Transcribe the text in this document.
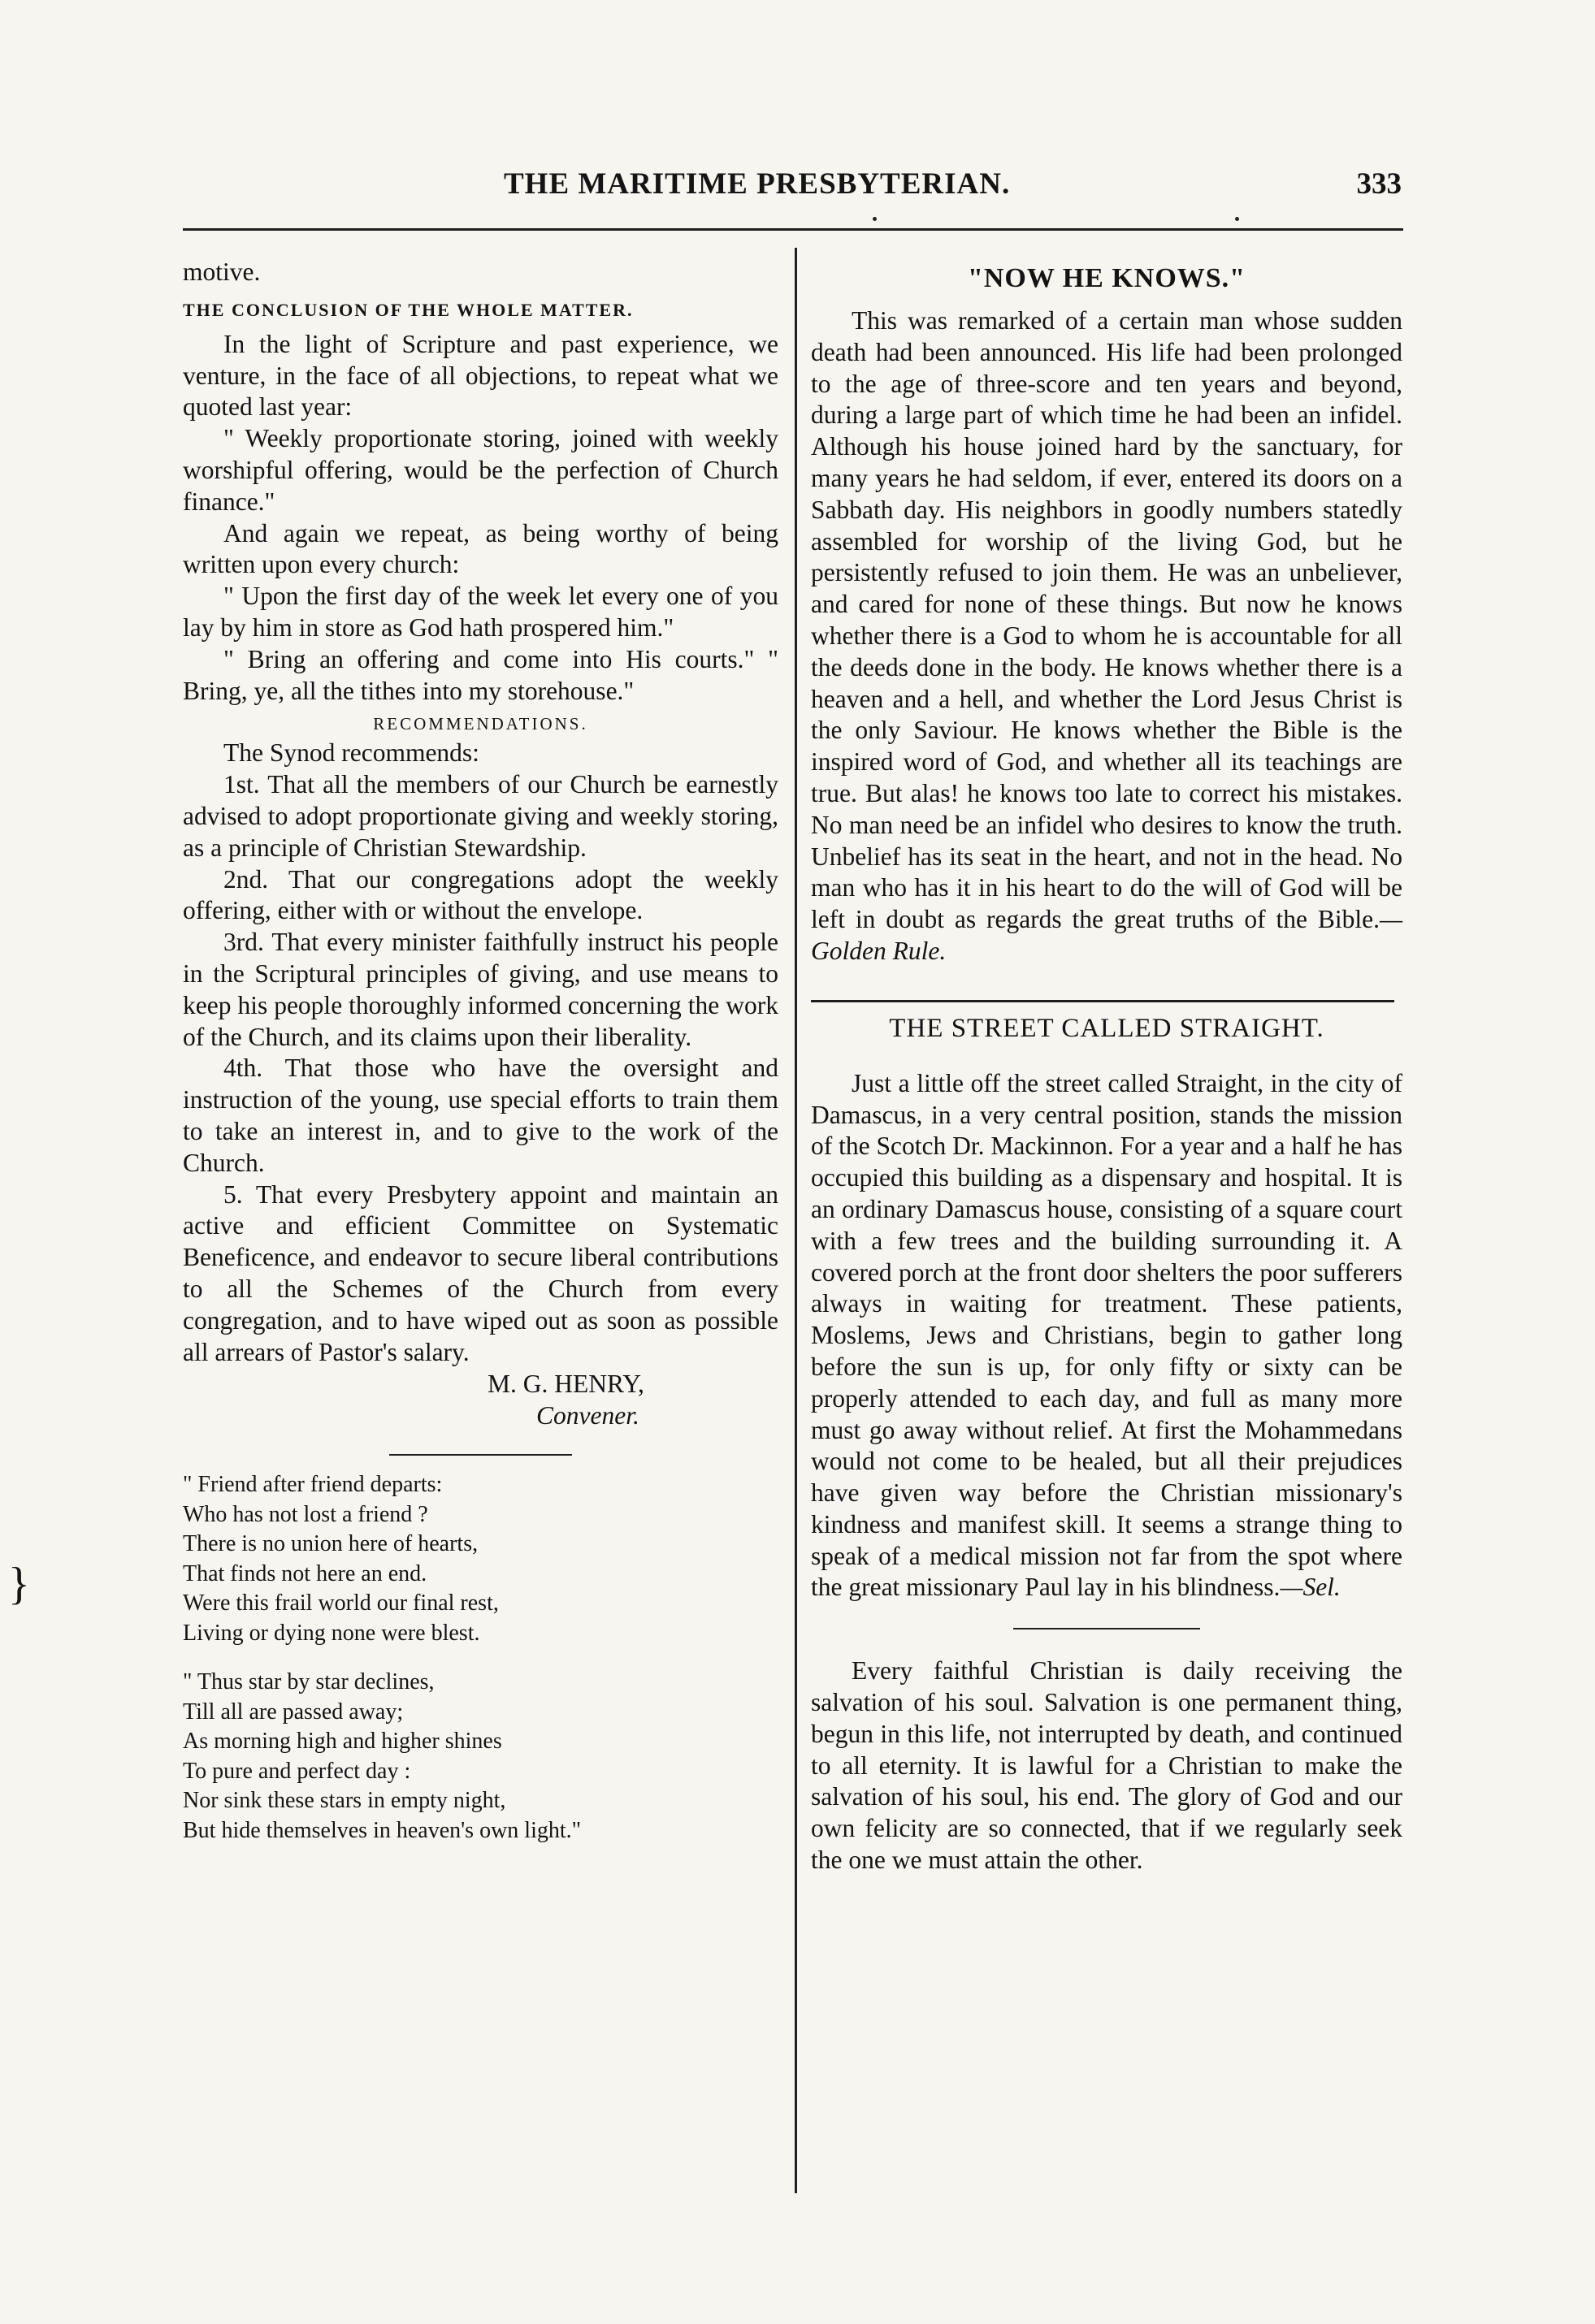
THE MARITIME PRESBYTERIAN.	333

motive.

THE CONCLUSION OF THE WHOLE MATTER.

In the light of Scripture and past experience, we venture, in the face of all objections, to repeat what we quoted last year:

" Weekly proportionate storing, joined with weekly worshipful offering, would be the perfection of Church finance."

And again we repeat, as being worthy of being written upon every church:

" Upon the first day of the week let every one of you lay by him in store as God hath prospered him."

" Bring an offering and come into His courts." " Bring, ye, all the tithes into my storehouse."

RECOMMENDATIONS.

The Synod recommends:

1st. That all the members of our Church be earnestly advised to adopt proportionate giving and weekly storing, as a principle of Christian Stewardship.

2nd. That our congregations adopt the weekly offering, either with or without the envelope.

3rd. That every minister faithfully instruct his people in the Scriptural principles of giving, and use means to keep his people thoroughly informed concerning the work of the Church, and its claims upon their liberality.

4th. That those who have the oversight and instruction of the young, use special efforts to train them to take an interest in, and to give to the work of the Church.

5. That every Presbytery appoint and maintain an active and efficient Committee on Systematic Beneficence, and endeavor to secure liberal contributions to all the Schemes of the Church from every congregation, and to have wiped out as soon as possible all arrears of Pastor's salary.

M. G. HENRY,
Convener.
" Friend after friend departs:
Who has not lost a friend ?
There is no union here of hearts,
That finds not here an end.
Were this frail world our final rest,
Living or dying none were blest.
" Thus star by star declines,
Till all are passed away;
As morning high and higher shines
To pure and perfect day :
Nor sink these stars in empty night,
But hide themselves in heaven's own light."
"NOW HE KNOWS."

This was remarked of a certain man whose sudden death had been announced. His life had been prolonged to the age of three-score and ten years and beyond, during a large part of which time he had been an infidel. Although his house joined hard by the sanctuary, for many years he had seldom, if ever, entered its doors on a Sabbath day. His neighbors in goodly numbers statedly assembled for worship of the living God, but he persistently refused to join them. He was an unbeliever, and cared for none of these things. But now he knows whether there is a God to whom he is accountable for all the deeds done in the body. He knows whether there is a heaven and a hell, and whether the Lord Jesus Christ is the only Saviour. He knows whether the Bible is the inspired word of God, and whether all its teachings are true. But alas! he knows too late to correct his mistakes. No man need be an infidel who desires to know the truth. Unbelief has its seat in the heart, and not in the head. No man who has it in his heart to do the will of God will be left in doubt as regards the great truths of the Bible.—Golden Rule.

THE STREET CALLED STRAIGHT.

Just a little off the street called Straight, in the city of Damascus, in a very central position, stands the mission of the Scotch Dr. Mackinnon. For a year and a half he has occupied this building as a dispensary and hospital. It is an ordinary Damascus house, consisting of a square court with a few trees and the building surrounding it. A covered porch at the front door shelters the poor sufferers always in waiting for treatment. These patients, Moslems, Jews and Christians, begin to gather long before the sun is up, for only fifty or sixty can be properly attended to each day, and full as many more must go away without relief. At first the Mohammedans would not come to be healed, but all their prejudices have given way before the Christian missionary's kindness and manifest skill. It seems a strange thing to speak of a medical mission not far from the spot where the great missionary Paul lay in his blindness.—Sel.

Every faithful Christian is daily receiving the salvation of his soul. Salvation is one permanent thing, begun in this life, not interrupted by death, and continued to all eternity. It is lawful for a Christian to make the salvation of his soul, his end. The glory of God and our own felicity are so connected, that if we regularly seek the one we must attain the other.

}
